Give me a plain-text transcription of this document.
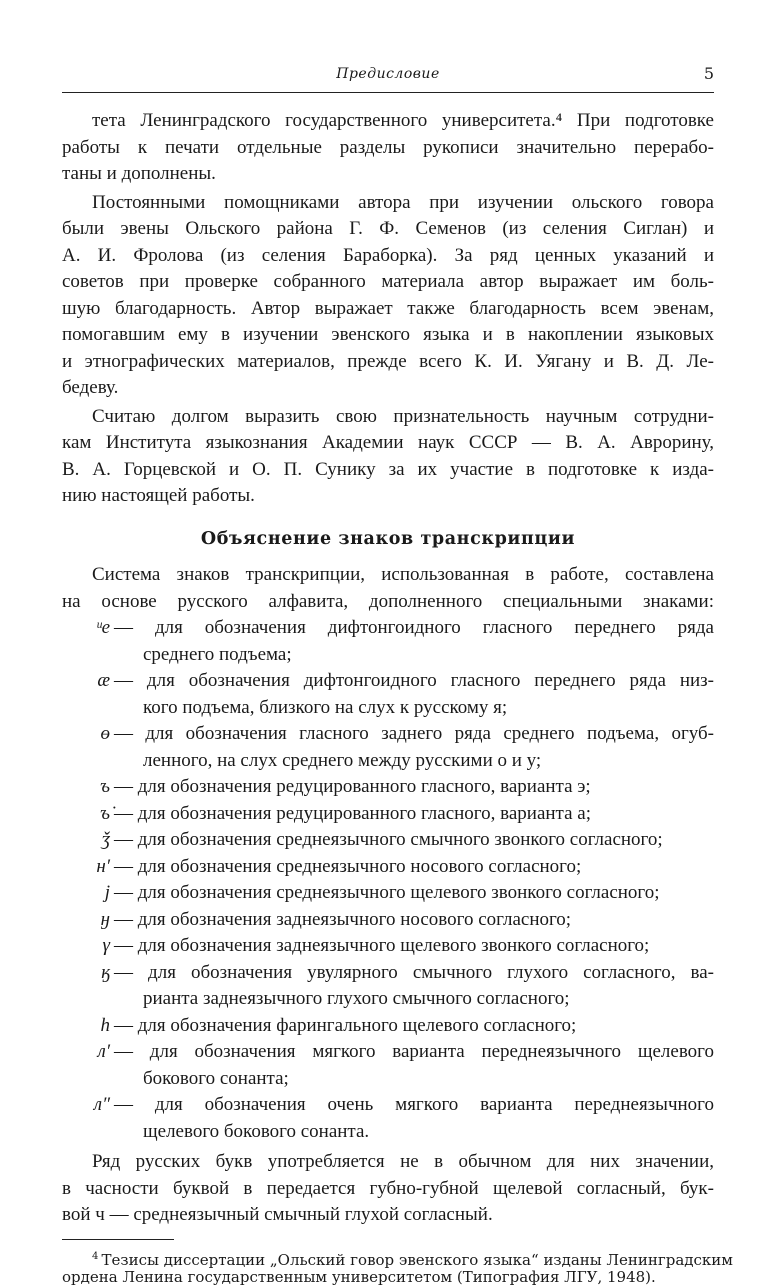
Предисловие	5
тета Ленинградского государственного университета.⁴ При подготовке
работы к печати отдельные разделы рукописи значительно перерабо-
таны и дополнены.
Постоянными помощниками автора при изучении ольского говора
были эвены Ольского района Г. Ф. Семенов (из селения Сиглан) и
А. И. Фролова (из селения Бараборка). За ряд ценных указаний и
советов при проверке собранного материала автор выражает им боль-
шую благодарность. Автор выражает также благодарность всем эвенам,
помогавшим ему в изучении эвенского языка и в накоплении языковых
и этнографических материалов, прежде всего К. И. Уягану и В. Д. Ле-
бедеву.
Считаю долгом выразить свою признательность научным сотрудни-
кам Института языкознания Академии наук СССР — В. А. Аврорину,
В. А. Горцевской и О. П. Сунику за их участие в подготовке к изда-
нию настоящей работы.
Объяснение знаков транскрипции
Система знаков транскрипции, использованная в работе, составлена
на основе русского алфавита, дополненного специальными знаками:
ᵘe — для обозначения дифтонгоидного гласного переднего ряда
среднего подъема;
æ — для обозначения дифтонгоидного гласного переднего ряда низ-
кого подъема, близкого на слух к русскому я;
ө — для обозначения гласного заднего ряда среднего подъема, огуб-
ленного, на слух среднего между русскими о и у;
ъ — для обозначения редуцированного гласного, варианта э;
ъ̇ — для обозначения редуцированного гласного, варианта а;
ǯ — для обозначения среднеязычного смычного звонкого согласного;
н′ — для обозначения среднеязычного носового согласного;
j — для обозначения среднеязычного щелевого звонкого согласного;
ӈ — для обозначения заднеязычного носового согласного;
γ — для обозначения заднеязычного щелевого звонкого согласного;
ӄ — для обозначения увулярного смычного глухого согласного, ва-
рианта заднеязычного глухого смычного согласного;
h — для обозначения фарингального щелевого согласного;
л′ — для обозначения мягкого варианта переднеязычного щелевого
бокового сонанта;
л″ — для обозначения очень мягкого варианта переднеязычного
щелевого бокового сонанта.
Ряд русских букв употребляется не в обычном для них значении,
в часности буквой в передается губно-губной щелевой согласный, бук-
вой ч — среднеязычный смычный глухой согласный.
$^4$ Тезисы диссертации „Ольский говор эвенского языка“ изданы Ленинградским
ордена Ленина государственным университетом (Типография ЛГУ, 1948).
